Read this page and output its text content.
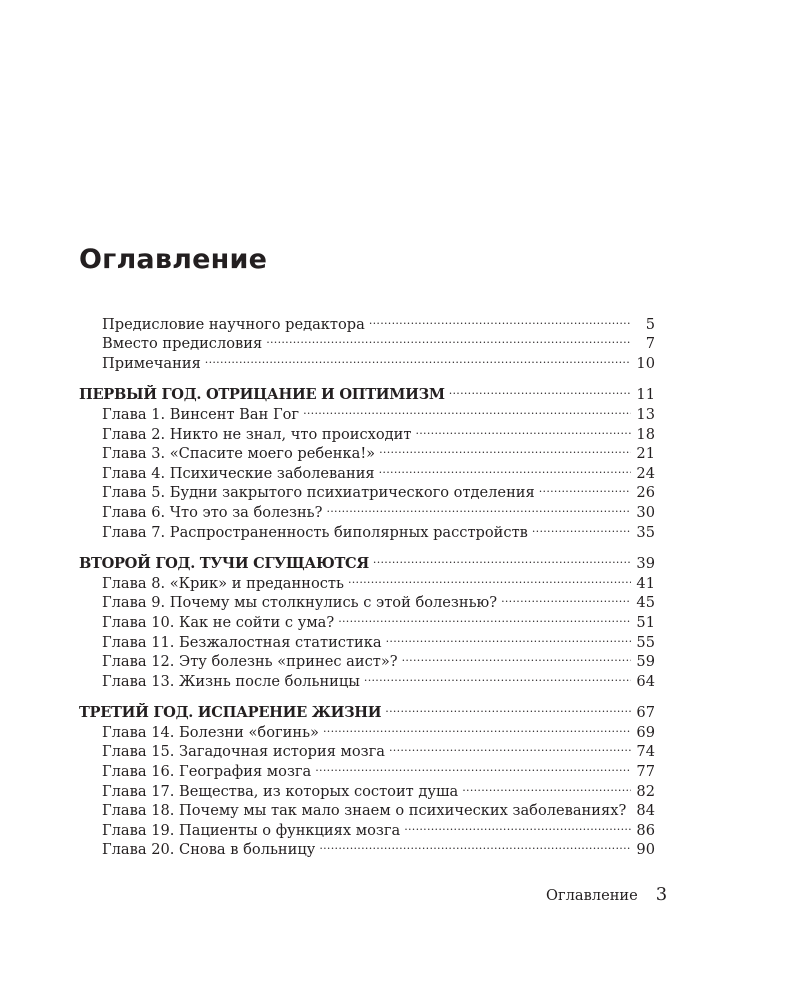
Оглавление
Предисловие научного редактора .....	5
Вместо предисловия .....	7
Примечания .....	10
ПЕРВЫЙ ГОД. ОТРИЦАНИЕ И ОПТИМИЗМ .....	11
Глава 1. Винсент Ван Гог .....	13
Глава 2. Никто не знал, что происходит .....	18
Глава 3. «Спасите моего ребенка!» .....	21
Глава 4. Психические заболевания .....	24
Глава 5. Будни закрытого психиатрического отделения .....	26
Глава 6. Что это за болезнь? .....	30
Глава 7. Распространенность биполярных расстройств .....	35
ВТОРОЙ ГОД. ТУЧИ СГУЩАЮТСЯ .....	39
Глава 8. «Крик» и преданность .....	41
Глава 9. Почему мы столкнулись с этой болезнью? .....	45
Глава 10. Как не сойти с ума? .....	51
Глава 11. Безжалостная статистика .....	55
Глава 12. Эту болезнь «принес аист»? .....	59
Глава 13. Жизнь после больницы .....	64
ТРЕТИЙ ГОД. ИСПАРЕНИЕ ЖИЗНИ .....	67
Глава 14. Болезни «богинь» .....	69
Глава 15. Загадочная история мозга .....	74
Глава 16. География мозга .....	77
Глава 17. Вещества, из которых состоит душа .....	82
Глава 18. Почему мы так мало знаем о психических заболеваниях? ..... 84
Глава 19. Пациенты о функциях мозга .....	86
Глава 20. Снова в больницу .....	90
Оглавление 3
